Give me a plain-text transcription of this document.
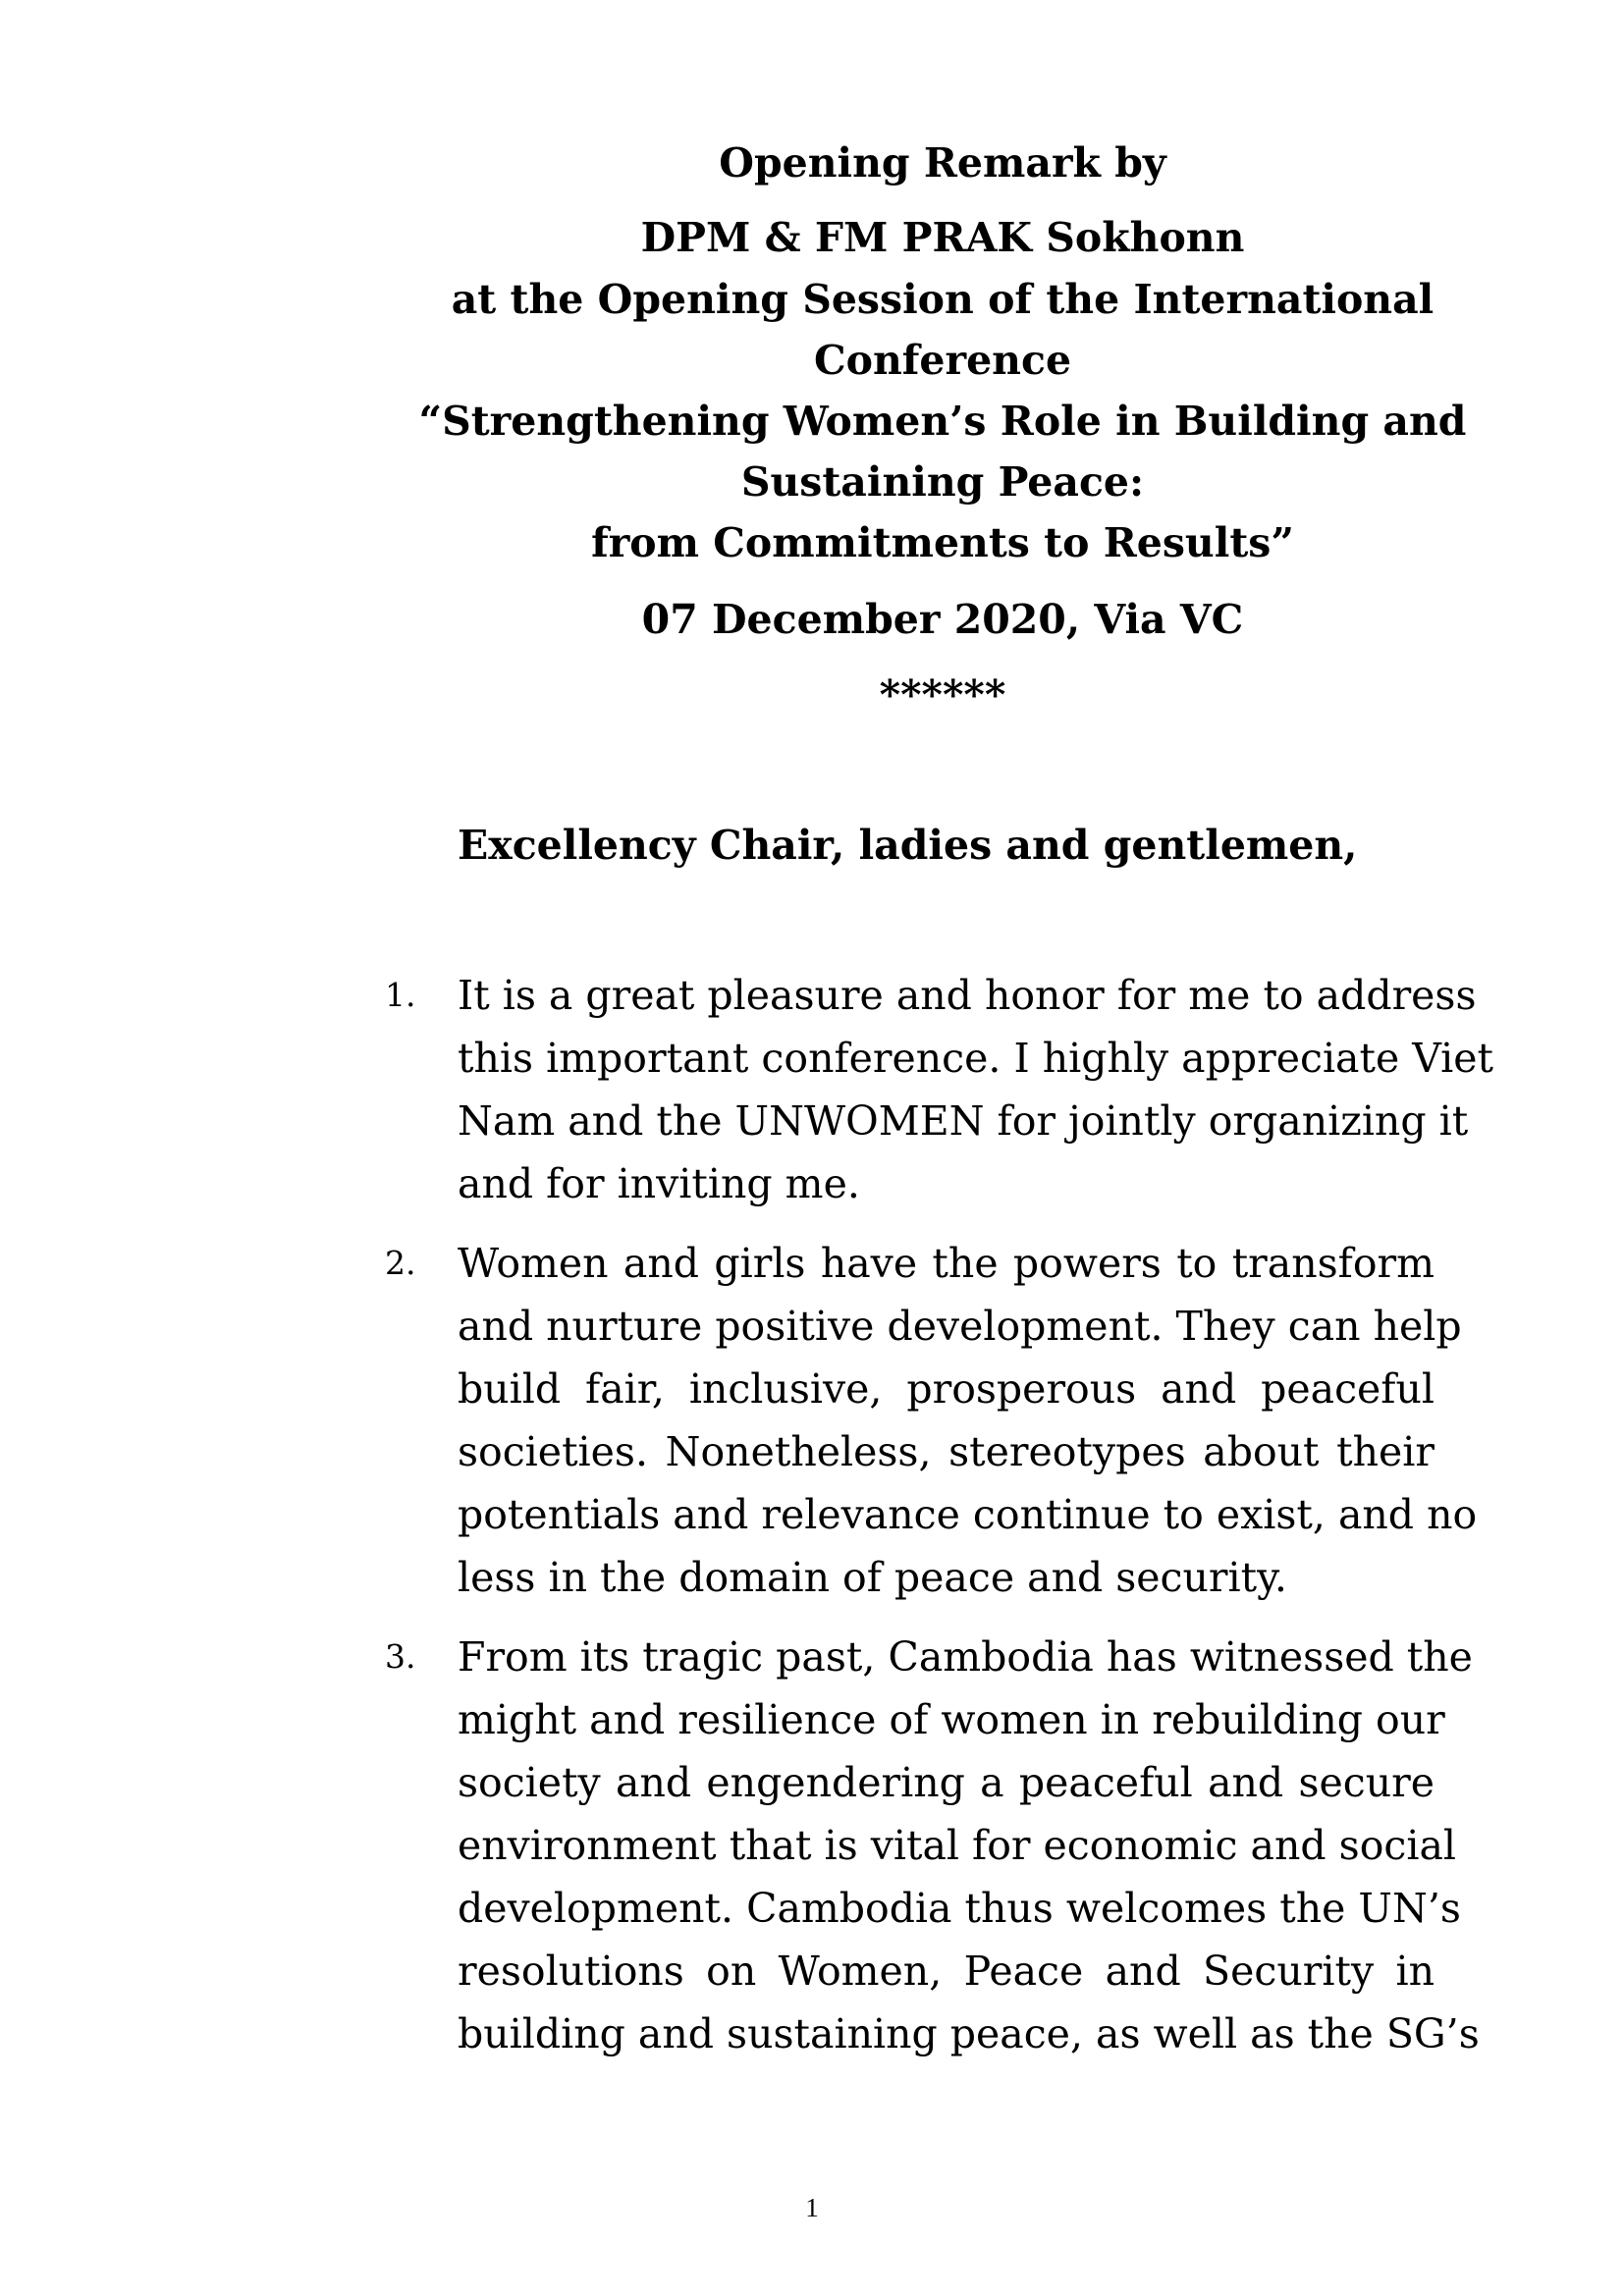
Opening Remark by
DPM & FM PRAK Sokhonn
at the Opening Session of the International
Conference
“Strengthening Women’s Role in Building and
Sustaining Peace:
from Commitments to Results”
07 December 2020, Via VC
******
Excellency Chair, ladies and gentlemen,
1. It is a great pleasure and honor for me to address
this important conference. I highly appreciate Viet
Nam and the UNWOMEN for jointly organizing it
and for inviting me.
2. Women and girls have the powers to transform
and nurture positive development. They can help
build fair, inclusive, prosperous and peaceful
societies. Nonetheless, stereotypes about their
potentials and relevance continue to exist, and no
less in the domain of peace and security.
3. From its tragic past, Cambodia has witnessed the
might and resilience of women in rebuilding our
society and engendering a peaceful and secure
environment that is vital for economic and social
development. Cambodia thus welcomes the UN’s
resolutions on Women, Peace and Security in
building and sustaining peace, as well as the SG’s
1
